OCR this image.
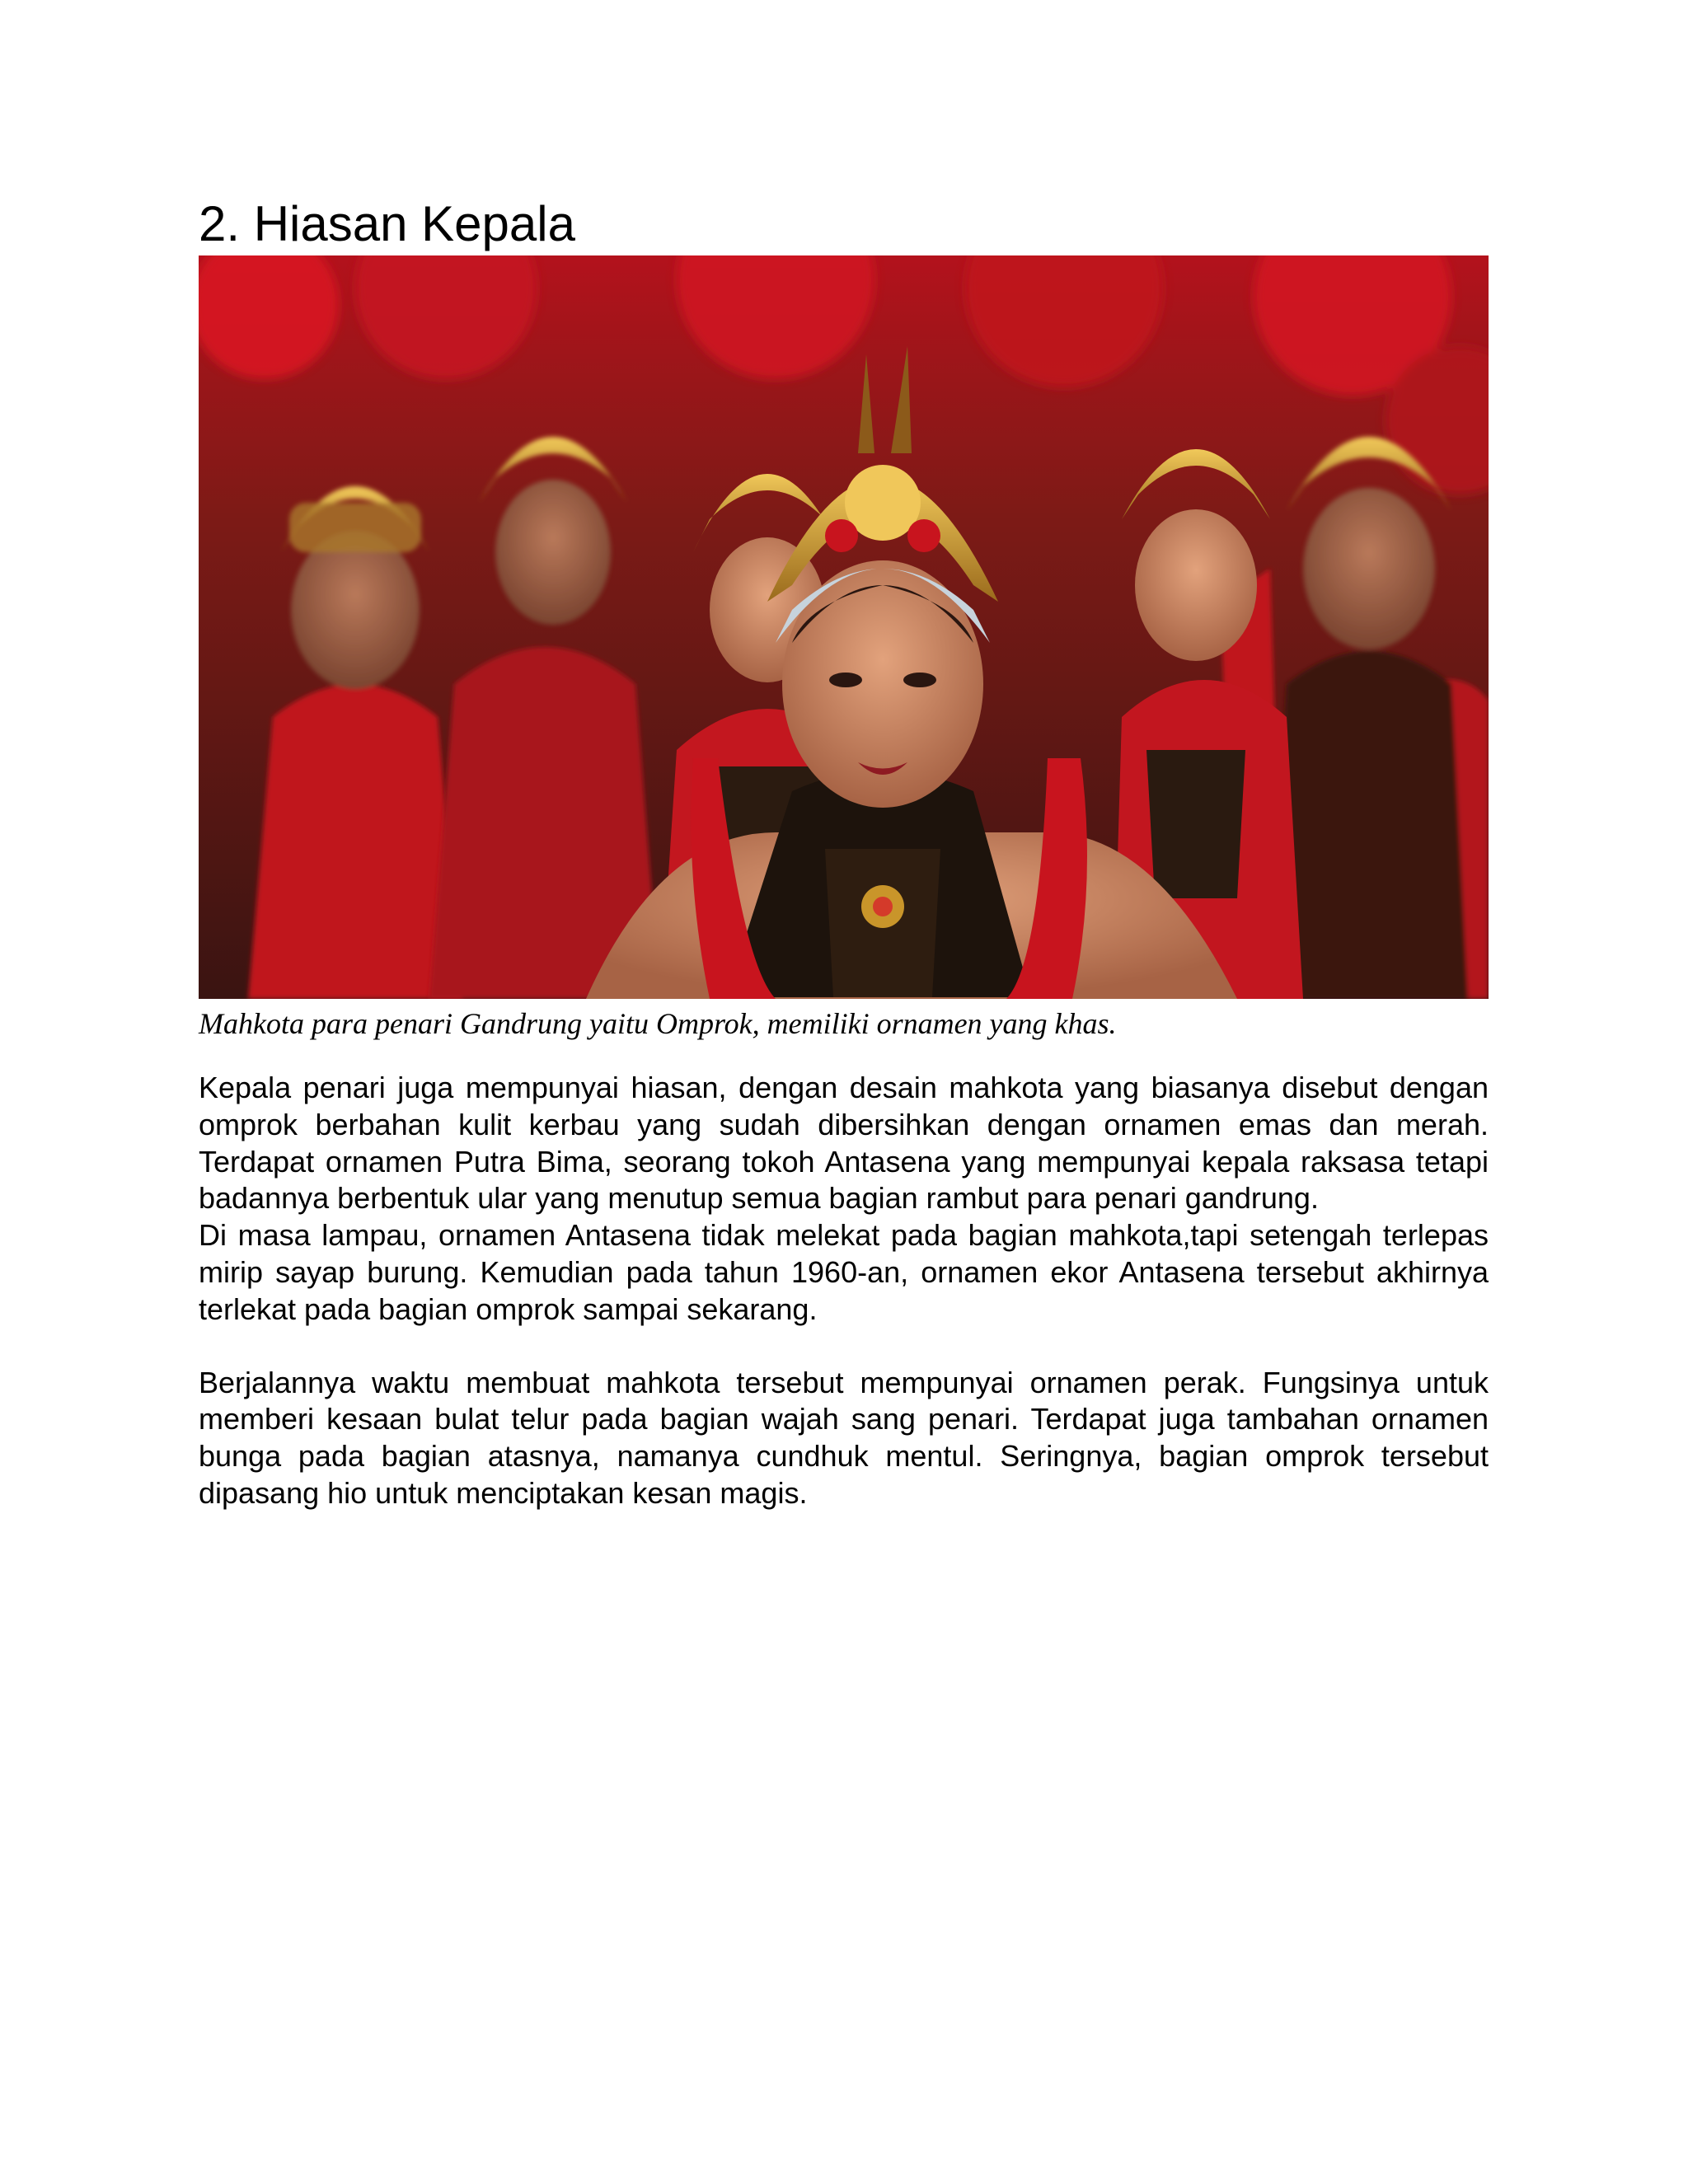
2. Hiasan Kepala

Mahkota para penari Gandrung yaitu Omprok, memiliki ornamen yang khas.

Kepala penari juga mempunyai hiasan, dengan desain mahkota yang biasanya disebut dengan omprok berbahan kulit kerbau yang sudah dibersihkan dengan ornamen emas dan merah. Terdapat ornamen Putra Bima, seorang tokoh Antasena yang mempunyai kepala raksasa tetapi badannya berbentuk ular yang menutup semua bagian rambut para penari gandrung.

Di masa lampau, ornamen Antasena tidak melekat pada bagian mahkota,tapi setengah terlepas mirip sayap burung. Kemudian pada tahun 1960-an, ornamen ekor Antasena tersebut akhirnya terlekat pada bagian omprok sampai sekarang.

Berjalannya waktu membuat mahkota tersebut mempunyai ornamen perak. Fungsinya untuk memberi kesaan bulat telur pada bagian wajah sang penari. Terdapat juga tambahan ornamen bunga pada bagian atasnya, namanya cundhuk mentul. Seringnya, bagian omprok tersebut dipasang hio untuk menciptakan kesan magis.
